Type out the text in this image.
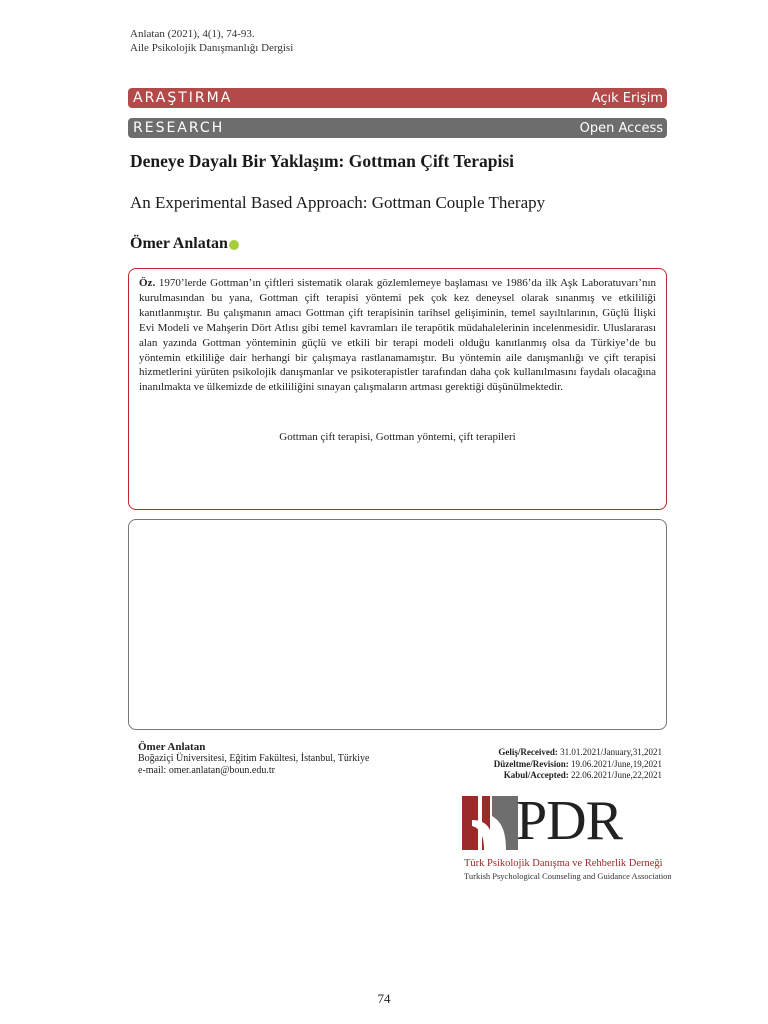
Anlatan (2021), 4(1), 74-93.
Aile Psikolojik Danışmanlığı Dergisi
ARAŞTIRMA	Açık Erişim
RESEARCH	Open Access
Deneye Dayalı Bir Yaklaşım: Gottman Çift Terapisi
An Experimental Based Approach: Gottman Couple Therapy
Ömer Anlatan
Öz. 1970’lerde Gottman’ın çiftleri sistematik olarak gözlemlemeye başlaması ve 1986’da ilk Aşk Laboratuvarı’nın kurulmasından bu yana, Gottman çift terapisi yöntemi pek çok kez deneysel olarak sınanmış ve etkililiği kanıtlanmıştır. Bu çalışmanın amacı Gottman çift terapisinin tarihsel gelişiminin, temel sayıltılarının, Güçlü İlişki Evi Modeli ve Mahşerin Dört Atlısı gibi temel kavramları ile terapötik müdahalelerinin incelenmesidir. Uluslararası alan yazında Gottman yönteminin güçlü ve etkili bir terapi modeli olduğu kanıtlanmış olsa da Türkiye’de bu yöntemin etkililiğe dair herhangi bir çalışmaya rastlanamamıştır. Bu yöntemin aile danışmanlığı ve çift terapisi hizmetlerini yürüten psikolojik danışmanlar ve psikoterapistler tarafından daha çok kullanılmasını faydalı olacağına inanılmakta ve ülkemizde de etkililiğini sınayan çalışmaların artması gerektiği düşünülmektedir.
Gottman çift terapisi, Gottman yöntemi, çift terapileri
Ömer Anlatan
Boğaziçi Üniversitesi, Eğitim Fakültesi, İstanbul, Türkiye
e-mail: omer.anlatan@boun.edu.tr
Geliş/Received: 31.01.2021/January,31,2021
Düzeltme/Revision: 19.06.2021/June,19,2021
Kabul/Accepted: 22.06.2021/June,22,2021
PDR
Türk Psikolojik Danışma ve Rehberlik Derneği
Turkish Psychological Counseling and Guidance Association
74
